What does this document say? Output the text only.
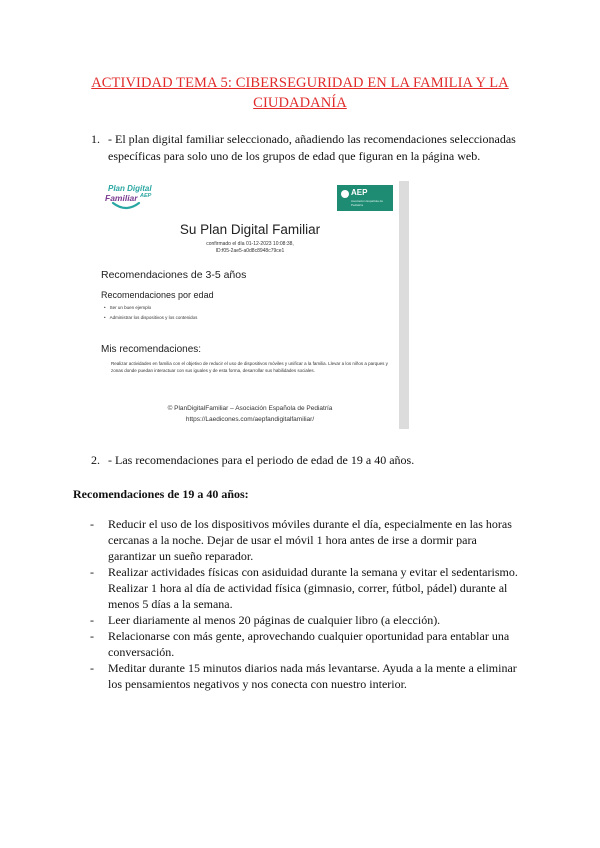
ACTIVIDAD TEMA 5: CIBERSEGURIDAD EN LA FAMILIA Y LA CIUDADANÍA
1. - El plan digital familiar seleccionado, añadiendo las recomendaciones seleccionadas específicas para solo uno de los grupos de edad que figuran en la página web.
Plan Digital
Familiar $^{AEP}$	AEP
Asociación Española de Pediatría
Su Plan Digital Familiar
confirmado el día 01-12-2023 10:08:38,
ID:f05-2ae5-a0d8c8948c79ce1
Recomendaciones de 3-5 años
Recomendaciones por edad
• Ser un buen ejemplo
• Administrar los dispositivos y los contenidos
Mis recomendaciones:
Realizar actividades en familia con el objetivo de reducir el uso de dispositivos móviles y unificar a la familia. Llevar a los niños a parques y zonas donde puedan interactuar con sus iguales y de esta forma, desarrollar sus habilidades sociales.
© PlanDigitalFamiliar – Asociación Española de Pediatría
https://Laedicones.com/aepfandigitalfamiliar/
2. - Las recomendaciones para el periodo de edad de 19 a 40 años.
Recomendaciones de 19 a 40 años:
- Reducir el uso de los dispositivos móviles durante el día, especialmente en las horas
cercanas a la noche. Dejar de usar el móvil 1 hora antes de irse a dormir para
garantizar un sueño reparador.
- Realizar actividades físicas con asiduidad durante la semana y evitar el sedentarismo.
Realizar 1 hora al día de actividad física (gimnasio, correr, fútbol, pádel) durante al
menos 5 días a la semana.
- Leer diariamente al menos 20 páginas de cualquier libro (a elección).
- Relacionarse con más gente, aprovechando cualquier oportunidad para entablar una
conversación.
- Meditar durante 15 minutos diarios nada más levantarse. Ayuda a la mente a eliminar
los pensamientos negativos y nos conecta con nuestro interior.
